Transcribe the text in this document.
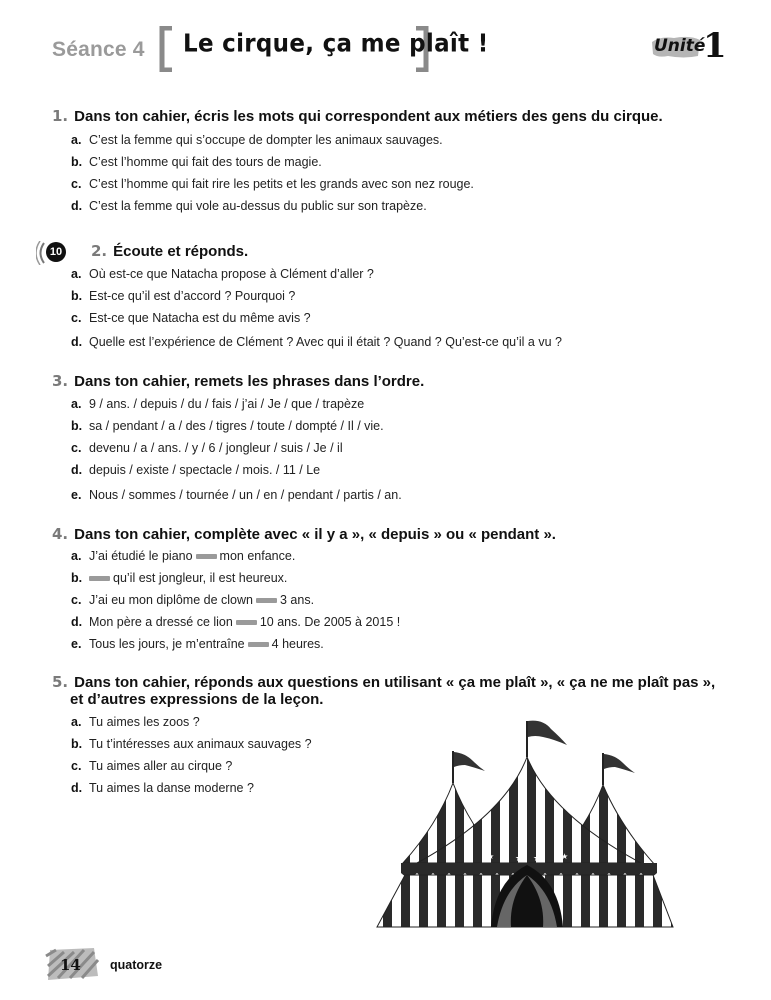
Séance 4 Le cirque, ça me plaît !	Unité
1
1. Dans ton cahier, écris les mots qui correspondent aux métiers des gens du cirque.
a. C’est la femme qui s’occupe de dompter les animaux sauvages.
b. C’est l’homme qui fait des tours de magie.
c. C’est l’homme qui fait rire les petits et les grands avec son nez rouge.
d. C’est la femme qui vole au-dessus du public sur son trapèze.
10 2. Écoute et réponds.
a. Où est-ce que Natacha propose à Clément d’aller ?
b. Est-ce qu’il est d’accord ? Pourquoi ?
c. Est-ce que Natacha est du même avis ?
d. Quelle est l’expérience de Clément ? Avec qui il était ? Quand ? Qu’est-ce qu’il a vu ?
3. Dans ton cahier, remets les phrases dans l’ordre.
a. 9 / ans. / depuis / du / fais / j’ai / Je / que / trapèze
b. sa / pendant / a / des / tigres / toute / dompté / Il / vie.
c. devenu / a / ans. / y / 6 / jongleur / suis / Je / il
d. depuis / existe / spectacle / mois. / 11 / Le
e. Nous / sommes / tournée / un / en / pendant / partis / an.
4. Dans ton cahier, complète avec « il y a », « depuis » ou « pendant ».
a. J’ai étudié le piano mon enfance.
b. qu’il est jongleur, il est heureux.
c. J’ai eu mon diplôme de clown 3 ans.
d. Mon père a dressé ce lion 10 ans. De 2005 à 2015 !
e. Tous les jours, je m’entraîne 4 heures.
5. Dans ton cahier, réponds aux questions en utilisant « ça me plaît », « ça ne me plaît pas »,
et d’autres expressions de la leçon.
a. Tu aimes les zoos ?
b. Tu t’intéresses aux animaux sauvages ?
c. Tu aimes aller au cirque ?
d. Tu aimes la danse moderne ?
★ ★
★	★
14 quatorze
